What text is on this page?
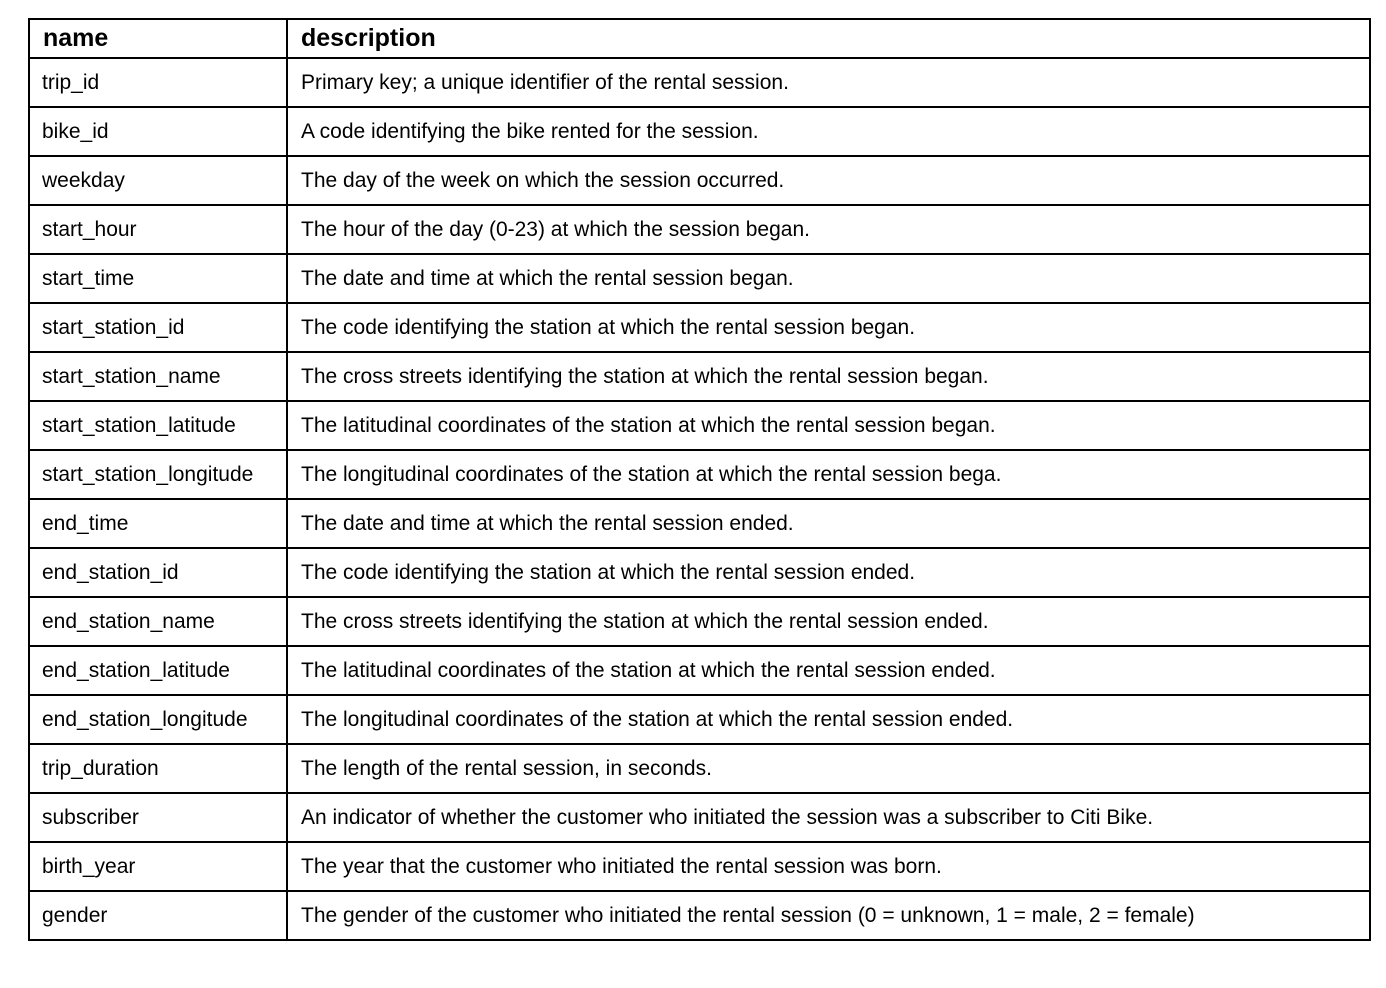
name	description
trip_id	Primary key; a unique identifier of the rental session.
bike_id	A code identifying the bike rented for the session.
weekday	The day of the week on which the session occurred.
start_hour	The hour of the day (0-23) at which the session began.
start_time	The date and time at which the rental session began.
start_station_id	The code identifying the station at which the rental session began.
start_station_name	The cross streets identifying the station at which the rental session began.
start_station_latitude	The latitudinal coordinates of the station at which the rental session began.
start_station_longitude	The longitudinal coordinates of the station at which the rental session bega.
end_time	The date and time at which the rental session ended.
end_station_id	The code identifying the station at which the rental session ended.
end_station_name	The cross streets identifying the station at which the rental session ended.
end_station_latitude	The latitudinal coordinates of the station at which the rental session ended.
end_station_longitude	The longitudinal coordinates of the station at which the rental session ended.
trip_duration	The length of the rental session, in seconds.
subscriber	An indicator of whether the customer who initiated the session was a subscriber to Citi Bike.
birth_year	The year that the customer who initiated the rental session was born.
gender	The gender of the customer who initiated the rental session (0 = unknown, 1 = male, 2 = female)
